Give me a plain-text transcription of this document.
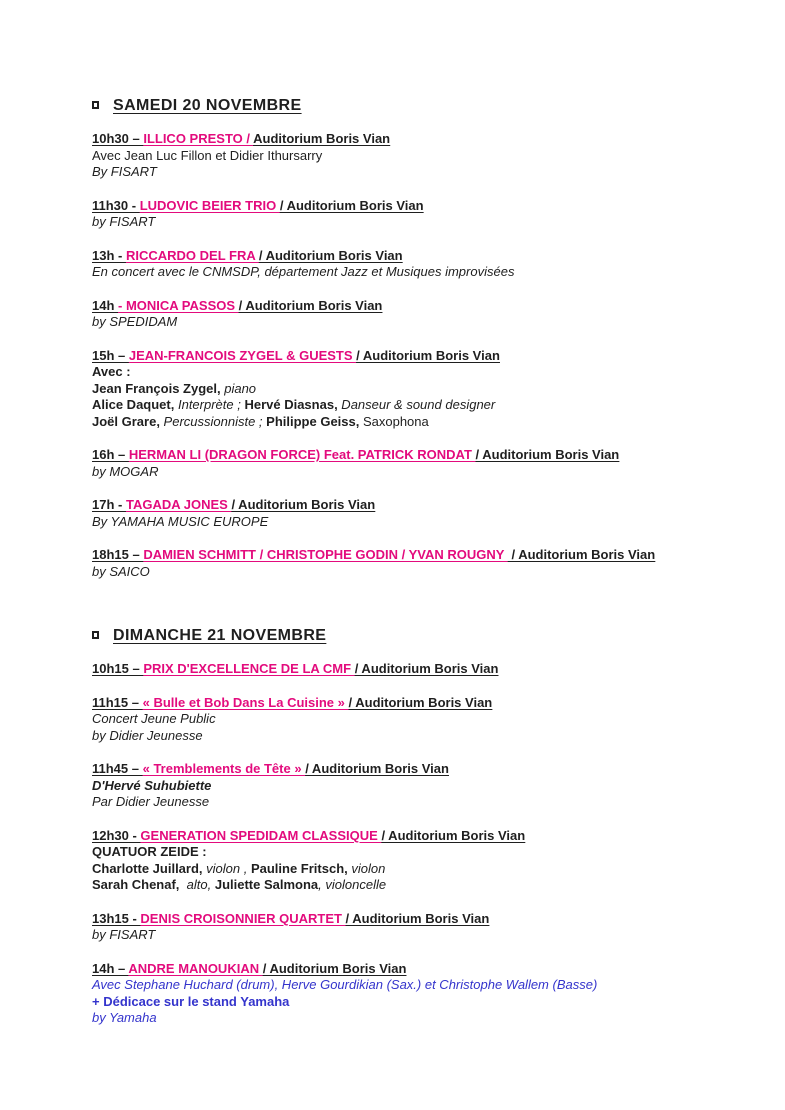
SAMEDI 20 NOVEMBRE
10h30 – ILLICO PRESTO / Auditorium Boris Vian
Avec Jean Luc Fillon et Didier Ithursarry
By FISART
11h30 - LUDOVIC BEIER TRIO / Auditorium Boris Vian
by FISART
13h - RICCARDO DEL FRA / Auditorium Boris Vian
En concert avec le CNMSDP, département Jazz et Musiques improvisées
14h - MONICA PASSOS / Auditorium Boris Vian
by SPEDIDAM
15h – JEAN-FRANCOIS ZYGEL & GUESTS / Auditorium Boris Vian
Avec :
Jean François Zygel, piano
Alice Daquet, Interprète ; Hervé Diasnas, Danseur & sound designer
Joël Grare, Percussionniste ; Philippe Geiss, Saxophona
16h – HERMAN LI (DRAGON FORCE) Feat. PATRICK RONDAT / Auditorium Boris Vian
by MOGAR
17h - TAGADA JONES / Auditorium Boris Vian
By YAMAHA MUSIC EUROPE
18h15 – DAMIEN SCHMITT / CHRISTOPHE GODIN / YVAN ROUGNY  / Auditorium Boris Vian
by SAICO
DIMANCHE 21 NOVEMBRE
10h15 – PRIX D'EXCELLENCE DE LA CMF / Auditorium Boris Vian
11h15 – « Bulle et Bob Dans La Cuisine » / Auditorium Boris Vian
Concert Jeune Public
by Didier Jeunesse
11h45 – « Tremblements de Tête » / Auditorium Boris Vian
D'Hervé Suhubiette
Par Didier Jeunesse
12h30 - GENERATION SPEDIDAM CLASSIQUE / Auditorium Boris Vian
QUATUOR ZEIDE :
Charlotte Juillard, violon , Pauline Fritsch, violon
Sarah Chenaf,  alto, Juliette Salmona, violoncelle
13h15 - DENIS CROISONNIER QUARTET / Auditorium Boris Vian
by FISART
14h – ANDRE MANOUKIAN / Auditorium Boris Vian
Avec Stephane Huchard (drum), Herve Gourdikian (Sax.) et Christophe Wallem (Basse)
+ Dédicace sur le stand Yamaha
by Yamaha
